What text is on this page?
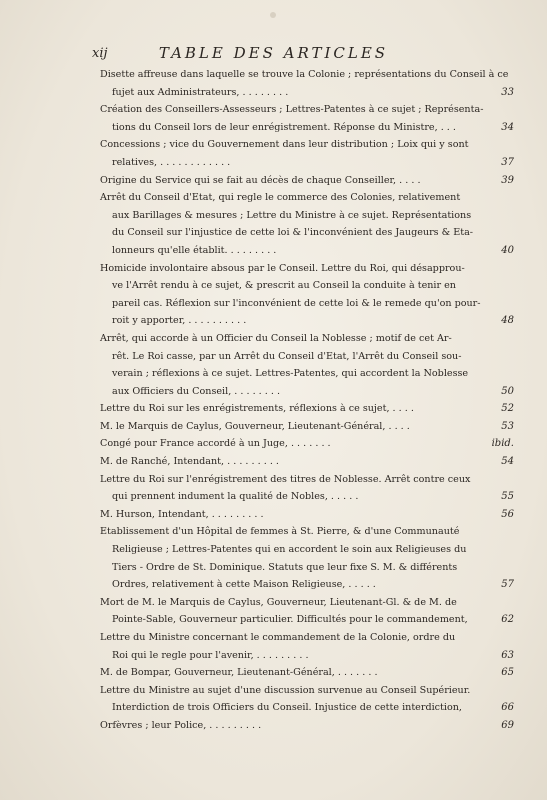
xij	TABLE DES ARTICLES
Disette affreuse dans laquelle se trouve la Colonie ; représentations du Conseil à ce
fujet aux Administrateurs, . . . . . . . .	33
Création des Conseillers-Assesseurs ; Lettres-Patentes à ce sujet ; Représenta-
tions du Conseil lors de leur enrégistrement. Réponse du Ministre, . . .	34
Concessions ; vice du Gouvernement dans leur distribution ; Loix qui y sont
relatives, . . . . . . . . . . . .	37
Origine du Service qui se fait au décès de chaque Conseiller, . . . .	39
Arrêt du Conseil d'Etat, qui regle le commerce des Colonies, relativement
aux Barillages & mesures ; Lettre du Ministre à ce sujet. Représentations
du Conseil sur l'injustice de cette loi & l'inconvénient des Jaugeurs & Eta-
lonneurs qu'elle établit. . . . . . . . .	40
Homicide involontaire absous par le Conseil. Lettre du Roi, qui désapprou-
ve l'Arrêt rendu à ce sujet, & prescrit au Conseil la conduite à tenir en
pareil cas. Réflexion sur l'inconvénient de cette loi & le remede qu'on pour-
roit y apporter, . . . . . . . . . .	48
Arrêt, qui accorde à un Officier du Conseil la Noblesse ; motif de cet Ar-
rêt. Le Roi casse, par un Arrêt du Conseil d'Etat, l'Arrêt du Conseil sou-
verain ; réflexions à ce sujet. Lettres-Patentes, qui accordent la Noblesse
aux Officiers du Conseil, . . . . . . . .	50
Lettre du Roi sur les enrégistrements, réflexions à ce sujet, . . . .	52
M. le Marquis de Caylus, Gouverneur, Lieutenant-Général, . . . .	53
Congé pour France accordé à un Juge, . . . . . . .	ibid.
M. de Ranché, Intendant, . . . . . . . . .	54
Lettre du Roi sur l'enrégistrement des titres de Noblesse. Arrêt contre ceux
qui prennent indument la qualité de Nobles, . . . . .	55
M. Hurson, Intendant, . . . . . . . . .	56
Etablissement d'un Hôpital de femmes à St. Pierre, & d'une Communauté
Religieuse ; Lettres-Patentes qui en accordent le soin aux Religieuses du
Tiers - Ordre de St. Dominique. Statuts que leur fixe S. M. & différents
Ordres, relativement à cette Maison Religieuse, . . . . .	57
Mort de M. le Marquis de Caylus, Gouverneur, Lieutenant-Gl. & de M. de
Pointe-Sable, Gouverneur particulier. Difficultés pour le commandement,	62
Lettre du Ministre concernant le commandement de la Colonie, ordre du
Roi qui le regle pour l'avenir, . . . . . . . . .	63
M. de Bompar, Gouverneur, Lieutenant-Général, . . . . . . .	65
Lettre du Ministre au sujet d'une discussion survenue au Conseil Supérieur.
Interdiction de trois Officiers du Conseil. Injustice de cette interdiction,	66
Orfèvres ; leur Police, . . . . . . . . .	69
